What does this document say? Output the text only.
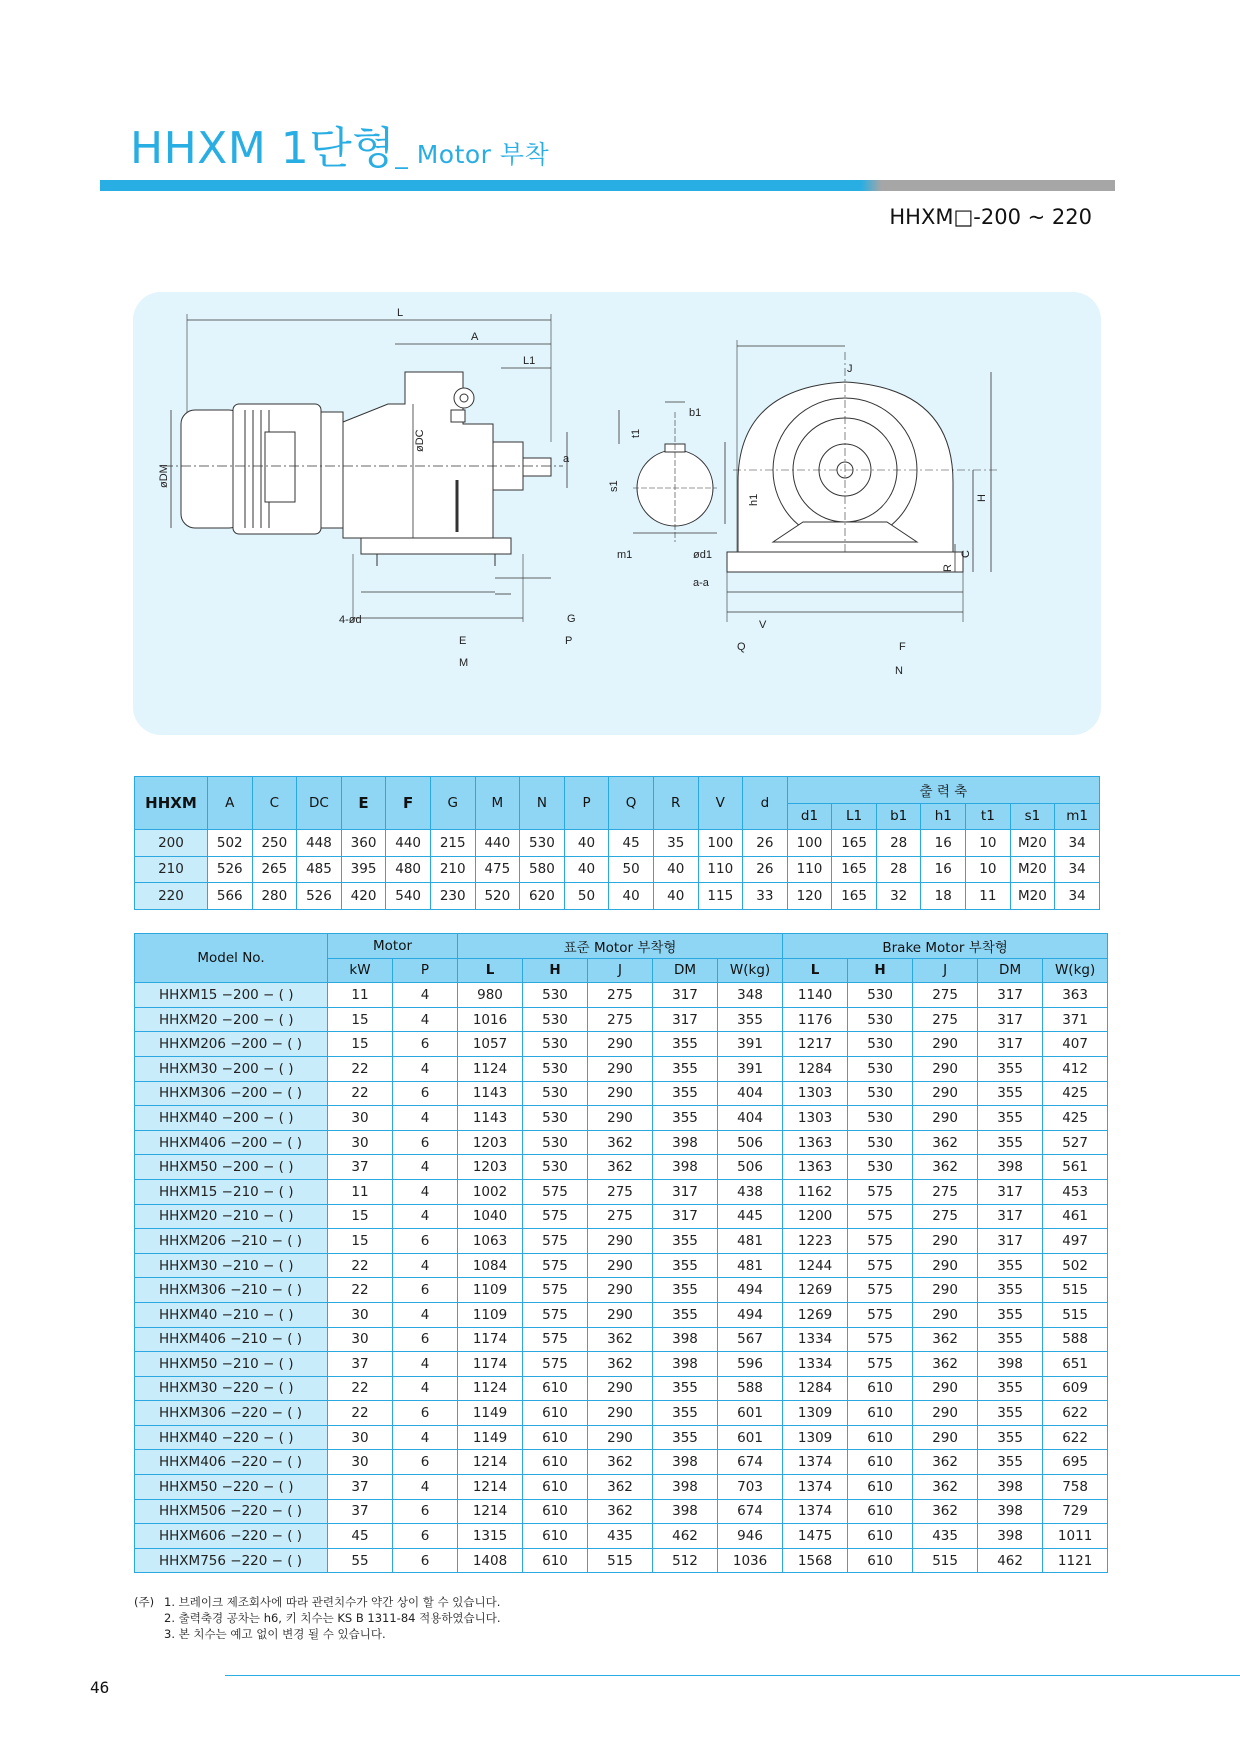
HHXM 1단형_ Motor 부착
HHXM□-200 ~ 220
L
A
L1
øDC
øDM
4-ød
E
M
G
P
a
t1
s1
b1
h1
m1	ød1
a-a
J
H
C
R
V
F
N
Q
HHXM	A	C	DC	E	F	G	M	N	P	Q	R	V	d	출 력 축						
														d1	L1	b1	h1	t1	s1	m1
200	502	250	448	360	440	215	440	530	40	45	35	100	26	100	165	28	16	10	M20	34
210	526	265	485	395	480	210	475	580	40	50	40	110	26	110	165	28	16	10	M20	34
220	566	280	526	420	540	230	520	620	50	40	40	115	33	120	165	32	18	11	M20	34
Model No.	Motor		표준 Motor 부착형					Brake Motor 부착형				
	kW	P	L	H	J	DM	W(kg)	L	H	J	DM	W(kg)
HHXM15 −200 − ( )	11	4	980	530	275	317	348	1140	530	275	317	363
HHXM20 −200 − ( )	15	4	1016	530	275	317	355	1176	530	275	317	371
HHXM206 −200 − ( )	15	6	1057	530	290	355	391	1217	530	290	317	407
HHXM30 −200 − ( )	22	4	1124	530	290	355	391	1284	530	290	355	412
HHXM306 −200 − ( )	22	6	1143	530	290	355	404	1303	530	290	355	425
HHXM40 −200 − ( )	30	4	1143	530	290	355	404	1303	530	290	355	425
HHXM406 −200 − ( )	30	6	1203	530	362	398	506	1363	530	362	355	527
HHXM50 −200 − ( )	37	4	1203	530	362	398	506	1363	530	362	398	561
HHXM15 −210 − ( )	11	4	1002	575	275	317	438	1162	575	275	317	453
HHXM20 −210 − ( )	15	4	1040	575	275	317	445	1200	575	275	317	461
HHXM206 −210 − ( )	15	6	1063	575	290	355	481	1223	575	290	317	497
HHXM30 −210 − ( )	22	4	1084	575	290	355	481	1244	575	290	355	502
HHXM306 −210 − ( )	22	6	1109	575	290	355	494	1269	575	290	355	515
HHXM40 −210 − ( )	30	4	1109	575	290	355	494	1269	575	290	355	515
HHXM406 −210 − ( )	30	6	1174	575	362	398	567	1334	575	362	355	588
HHXM50 −210 − ( )	37	4	1174	575	362	398	596	1334	575	362	398	651
HHXM30 −220 − ( )	22	4	1124	610	290	355	588	1284	610	290	355	609
HHXM306 −220 − ( )	22	6	1149	610	290	355	601	1309	610	290	355	622
HHXM40 −220 − ( )	30	4	1149	610	290	355	601	1309	610	290	355	622
HHXM406 −220 − ( )	30	6	1214	610	362	398	674	1374	610	362	355	695
HHXM50 −220 − ( )	37	4	1214	610	362	398	703	1374	610	362	398	758
HHXM506 −220 − ( )	37	6	1214	610	362	398	674	1374	610	362	398	729
HHXM606 −220 − ( )	45	6	1315	610	435	462	946	1475	610	435	398	1011
HHXM756 −220 − ( )	55	6	1408	610	515	512	1036	1568	610	515	462	1121
(주) 1. 브레이크 제조회사에 따라 관련치수가 약간 상이 할 수 있습니다.
2. 출력축경 공차는 h6, 키 치수는 KS B 1311-84 적용하였습니다.
3. 본 치수는 예고 없이 변경 될 수 있습니다.
46
